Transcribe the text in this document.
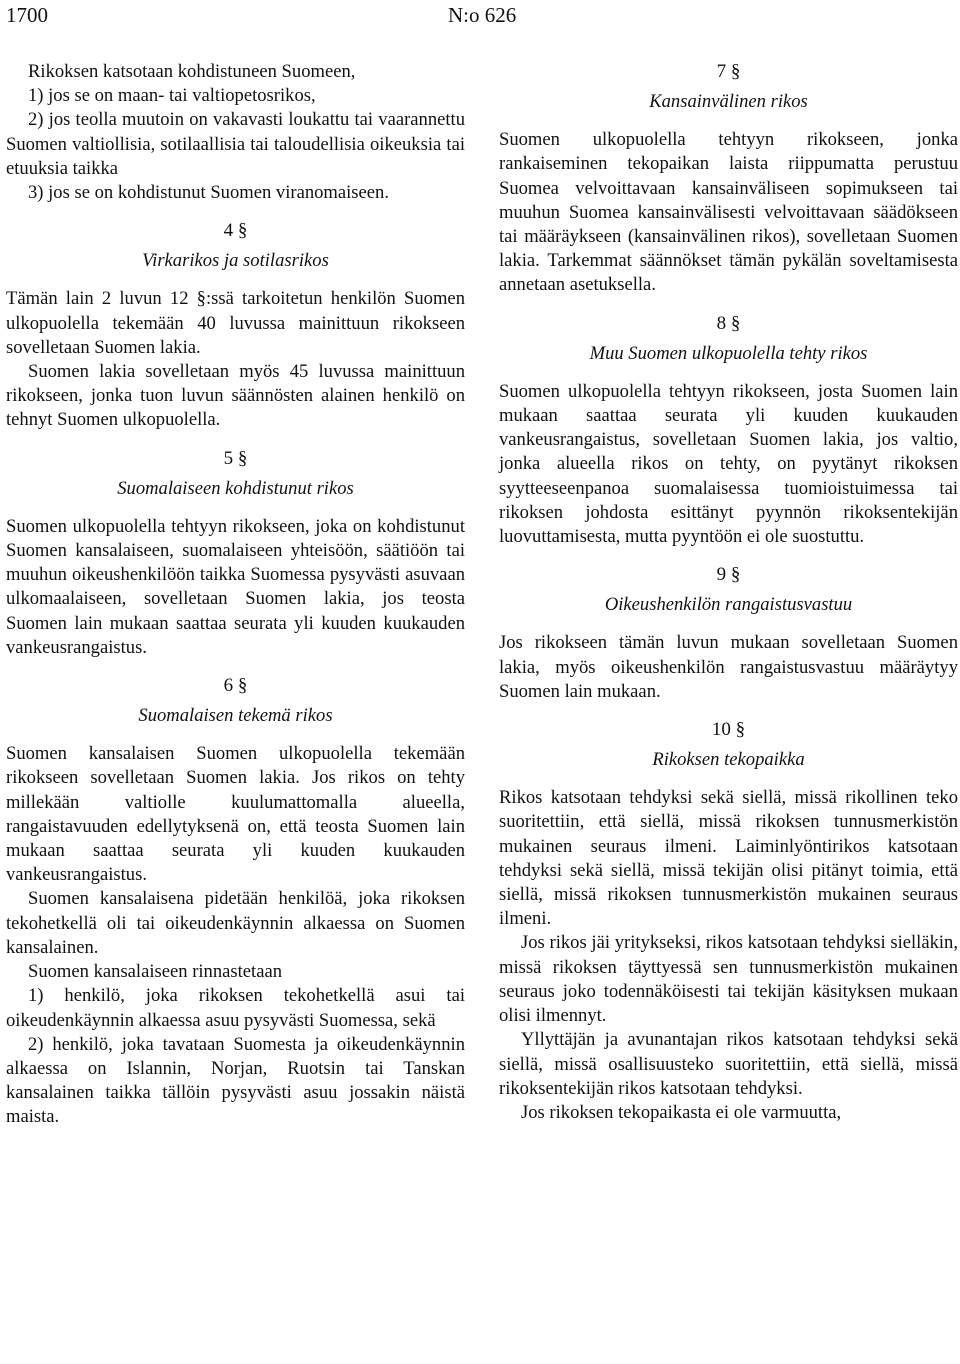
1700	N:o 626

Rikoksen katsotaan kohdistuneen Suomeen,

1) jos se on maan- tai valtiopetosrikos,

2) jos teolla muutoin on vakavasti loukattu tai vaarannettu Suomen valtiollisia, sotilaallisia tai taloudellisia oikeuksia tai etuuksia taikka

3) jos se on kohdistunut Suomen viranomaiseen.

4 §
Virkarikos ja sotilasrikos

Tämän lain 2 luvun 12 §:ssä tarkoitetun henkilön Suomen ulkopuolella tekemään 40 luvussa mainittuun rikokseen sovelletaan Suomen lakia.

Suomen lakia sovelletaan myös 45 luvussa mainittuun rikokseen, jonka tuon luvun säännösten alainen henkilö on tehnyt Suomen ulkopuolella.

5 §
Suomalaiseen kohdistunut rikos

Suomen ulkopuolella tehtyyn rikokseen, joka on kohdistunut Suomen kansalaiseen, suomalaiseen yhteisöön, säätiöön tai muuhun oikeushenkilöön taikka Suomessa pysyvästi asuvaan ulkomaalaiseen, sovelletaan Suomen lakia, jos teosta Suomen lain mukaan saattaa seurata yli kuuden kuukauden vankeusrangaistus.

6 §
Suomalaisen tekemä rikos

Suomen kansalaisen Suomen ulkopuolella tekemään rikokseen sovelletaan Suomen lakia. Jos rikos on tehty millekään valtiolle kuulumattomalla alueella, rangaistavuuden edellytyksenä on, että teosta Suomen lain mukaan saattaa seurata yli kuuden kuukauden vankeusrangaistus.

Suomen kansalaisena pidetään henkilöä, joka rikoksen tekohetkellä oli tai oikeudenkäynnin alkaessa on Suomen kansalainen.

Suomen kansalaiseen rinnastetaan

1) henkilö, joka rikoksen tekohetkellä asui tai oikeudenkäynnin alkaessa asuu pysyvästi Suomessa, sekä

2) henkilö, joka tavataan Suomesta ja oikeudenkäynnin alkaessa on Islannin, Norjan, Ruotsin tai Tanskan kansalainen taikka tällöin pysyvästi asuu jossakin näistä maista.

7 §
Kansainvälinen rikos

Suomen ulkopuolella tehtyyn rikokseen, jonka rankaiseminen tekopaikan laista riippumatta perustuu Suomea velvoittavaan kansainväliseen sopimukseen tai muuhun Suomea kansainvälisesti velvoittavaan säädökseen tai määräykseen (kansainvälinen rikos), sovelletaan Suomen lakia. Tarkemmat säännökset tämän pykälän soveltamisesta annetaan asetuksella.

8 §
Muu Suomen ulkopuolella tehty rikos

Suomen ulkopuolella tehtyyn rikokseen, josta Suomen lain mukaan saattaa seurata yli kuuden kuukauden vankeusrangaistus, sovelletaan Suomen lakia, jos valtio, jonka alueella rikos on tehty, on pyytänyt rikoksen syytteeseenpanoa suomalaisessa tuomioistuimessa tai rikoksen johdosta esittänyt pyynnön rikoksentekijän luovuttamisesta, mutta pyyntöön ei ole suostuttu.

9 §
Oikeushenkilön rangaistusvastuu

Jos rikokseen tämän luvun mukaan sovelletaan Suomen lakia, myös oikeushenkilön rangaistusvastuu määräytyy Suomen lain mukaan.

10 §
Rikoksen tekopaikka

Rikos katsotaan tehdyksi sekä siellä, missä rikollinen teko suoritettiin, että siellä, missä rikoksen tunnusmerkistön mukainen seuraus ilmeni. Laiminlyöntirikos katsotaan tehdyksi sekä siellä, missä tekijän olisi pitänyt toimia, että siellä, missä rikoksen tunnusmerkistön mukainen seuraus ilmeni.

Jos rikos jäi yritykseksi, rikos katsotaan tehdyksi sielläkin, missä rikoksen täyttyessä sen tunnusmerkistön mukainen seuraus joko todennäköisesti tai tekijän käsityksen mukaan olisi ilmennyt.

Yllyttäjän ja avunantajan rikos katsotaan tehdyksi sekä siellä, missä osallisuusteko suoritettiin, että siellä, missä rikoksentekijän rikos katsotaan tehdyksi.

Jos rikoksen tekopaikasta ei ole varmuutta,
